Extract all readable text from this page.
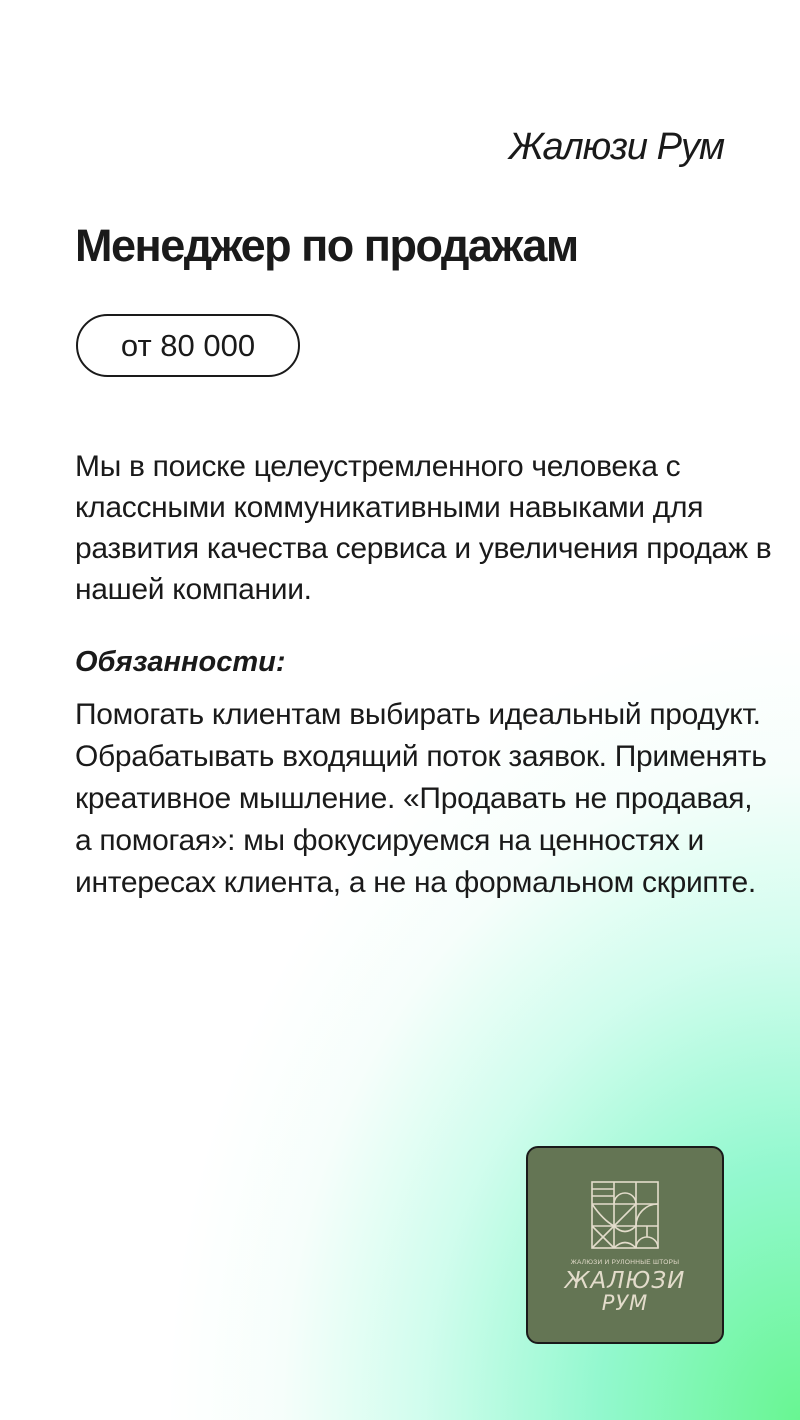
Жалюзи Рум
Менеджер по продажам
от 80 000

Мы в поиске целеустремленного человека с классными коммуникативными навыками для развития качества сервиса и увеличения продаж в нашей компании.

Обязанности:

Помогать клиентам выбирать идеальный продукт. Обрабатывать входящий поток заявок. Применять креативное мышление. «Продавать не продавая, а помогая»: мы фокусируемся на ценностях и интересах клиента, а не на формальном скрипте.

ЖАЛЮЗИ И РУЛОННЫЕ ШТОРЫ
ЖАЛЮЗИ
РУМ
